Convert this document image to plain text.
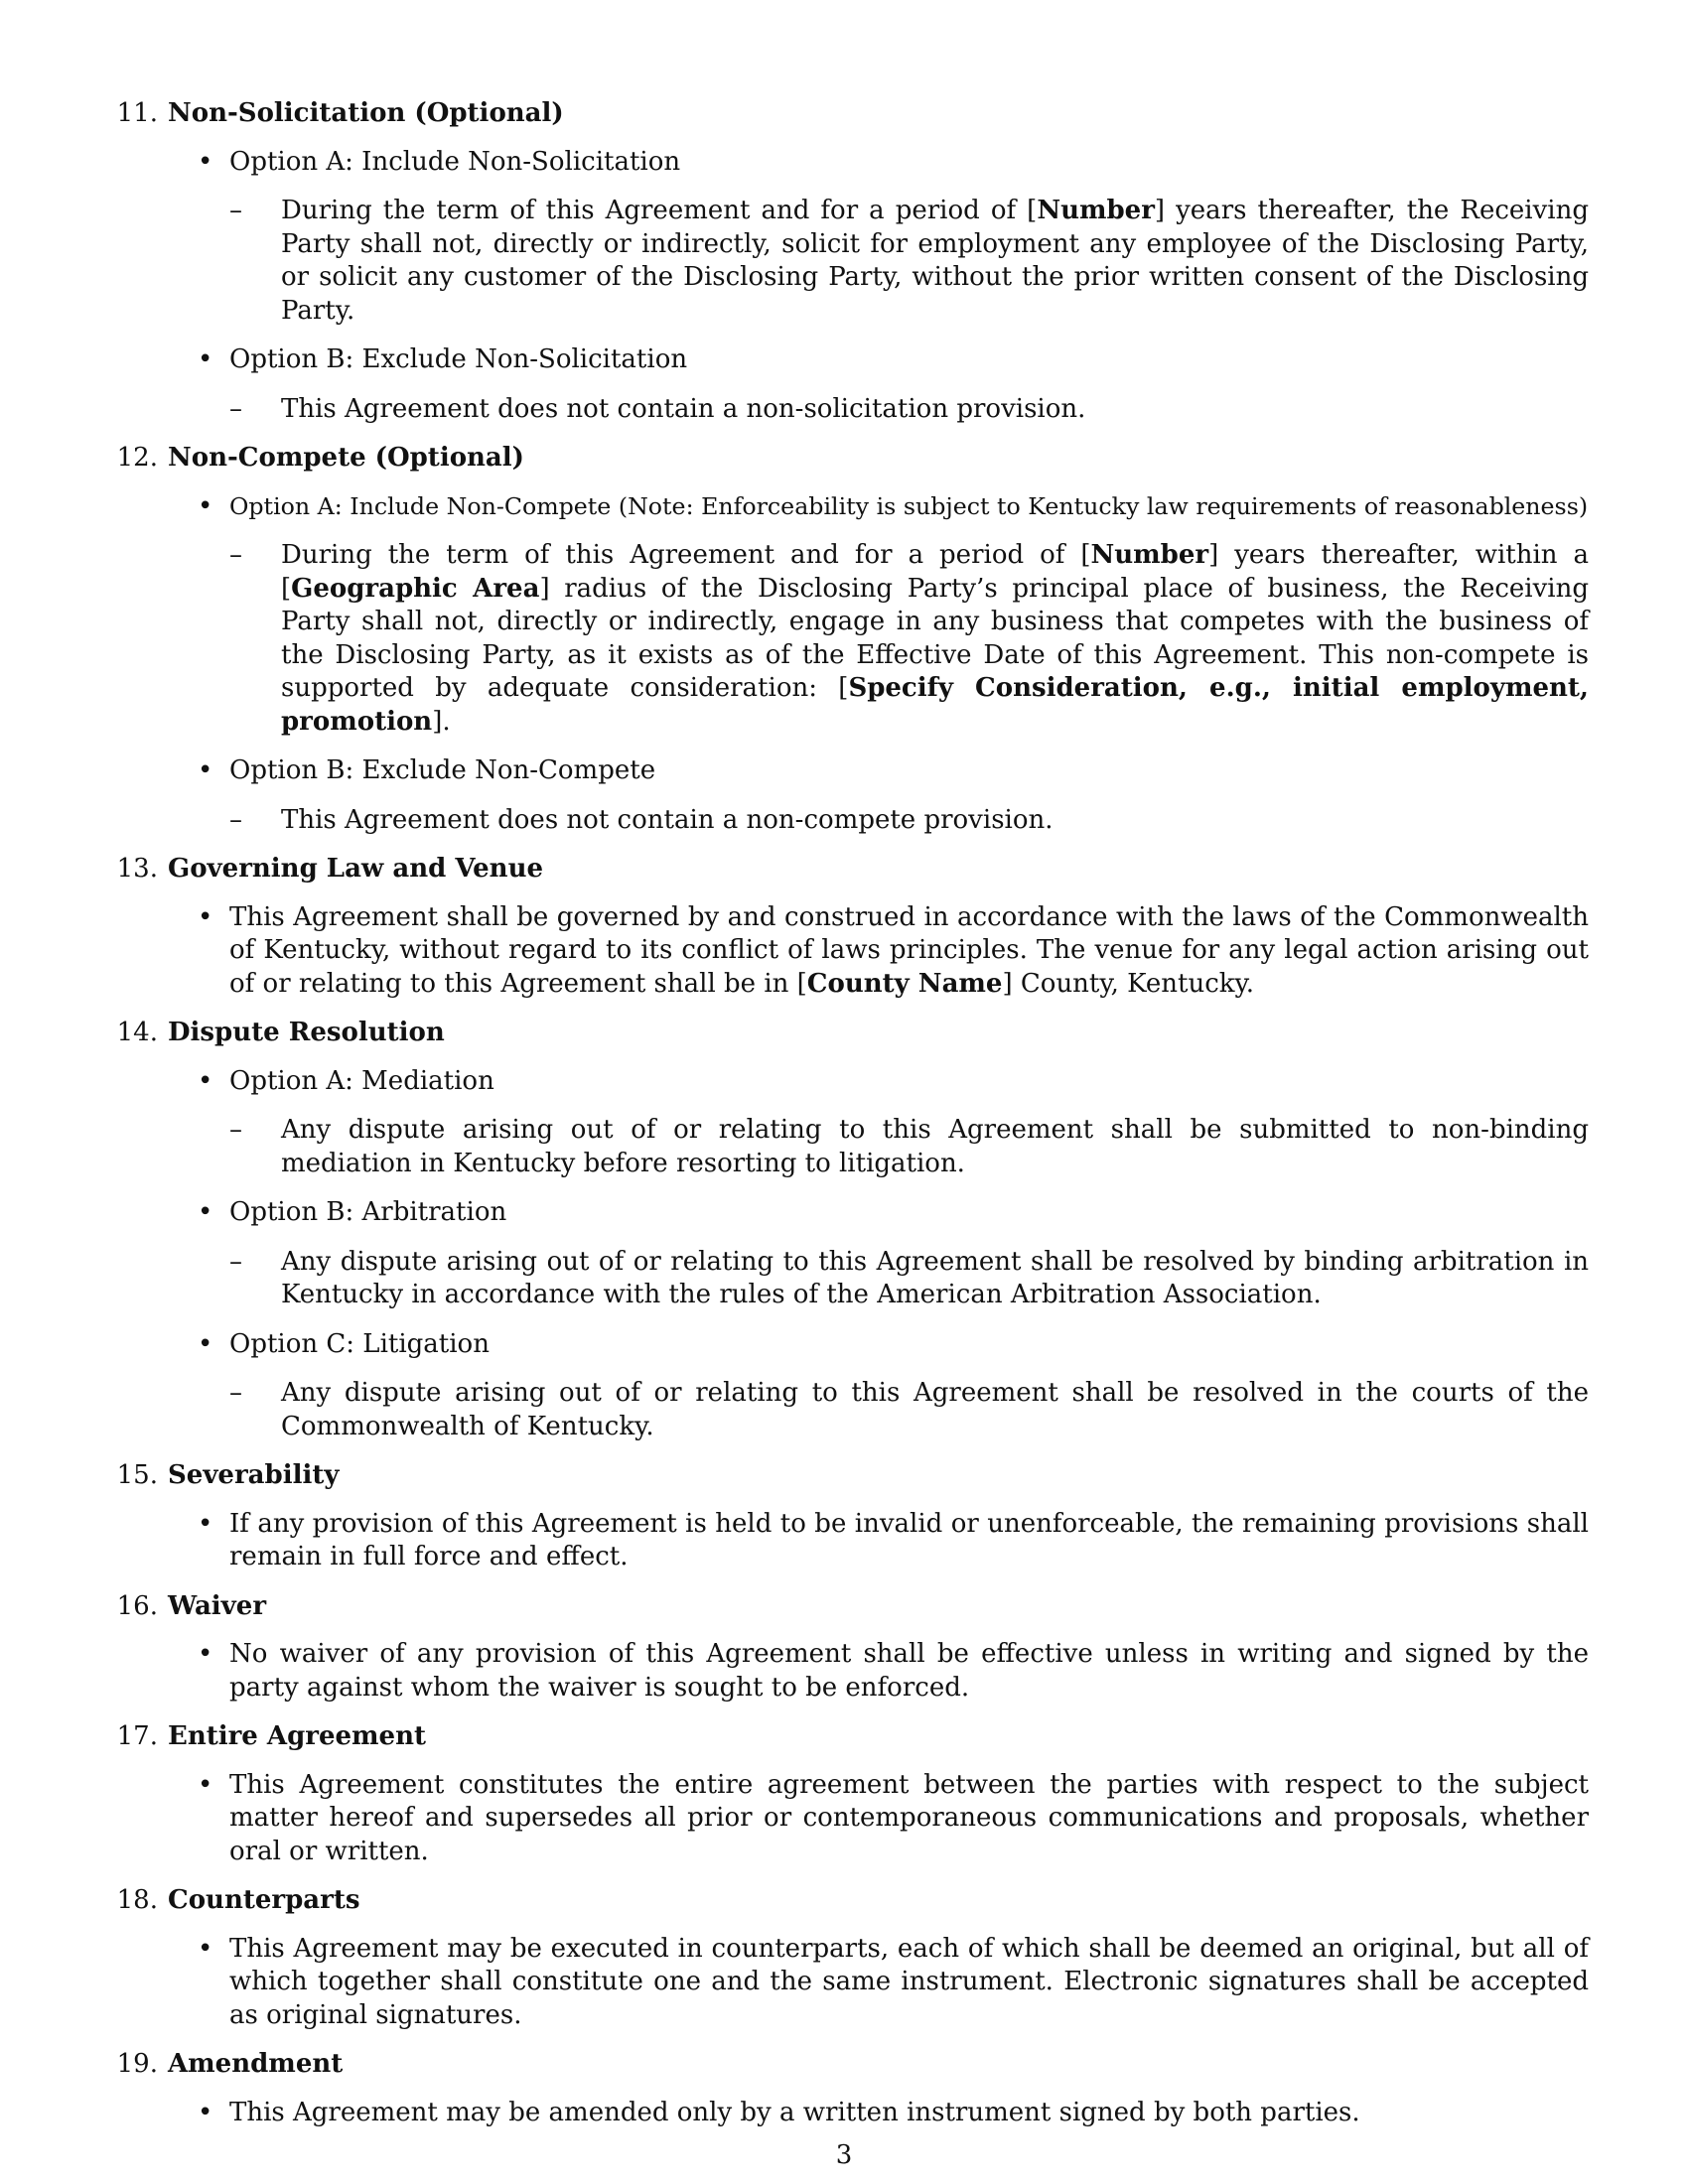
11. Non-Solicitation (Optional)
• Option A: Include Non-Solicitation
– During the term of this Agreement and for a period of [Number] years thereafter, the Receiving Party shall not, directly or indirectly, solicit for employment any employee of the Disclosing Party, or solicit any customer of the Disclosing Party, without the prior written consent of the Disclosing Party.
• Option B: Exclude Non-Solicitation
– This Agreement does not contain a non-solicitation provision.
12. Non-Compete (Optional)
• Option A: Include Non-Compete (Note: Enforceability is subject to Kentucky law requirements of reasonableness)
– During the term of this Agreement and for a period of [Number] years thereafter, within a [Geographic Area] radius of the Disclosing Party’s principal place of business, the Receiving Party shall not, directly or indirectly, engage in any business that competes with the business of the Disclosing Party, as it exists as of the Effective Date of this Agreement. This non-compete is supported by adequate consideration: [Specify Consideration, e.g., initial employment, promotion].
• Option B: Exclude Non-Compete
– This Agreement does not contain a non-compete provision.
13. Governing Law and Venue
• This Agreement shall be governed by and construed in accordance with the laws of the Commonwealth of Kentucky, without regard to its conflict of laws principles. The venue for any legal action arising out of or relating to this Agreement shall be in [County Name] County, Kentucky.
14. Dispute Resolution
• Option A: Mediation
– Any dispute arising out of or relating to this Agreement shall be submitted to non-binding mediation in Kentucky before resorting to litigation.
• Option B: Arbitration
– Any dispute arising out of or relating to this Agreement shall be resolved by binding arbitration in Kentucky in accordance with the rules of the American Arbitration Association.
• Option C: Litigation
– Any dispute arising out of or relating to this Agreement shall be resolved in the courts of the Commonwealth of Kentucky.
15. Severability
• If any provision of this Agreement is held to be invalid or unenforceable, the remaining provisions shall remain in full force and effect.
16. Waiver
• No waiver of any provision of this Agreement shall be effective unless in writing and signed by the party against whom the waiver is sought to be enforced.
17. Entire Agreement
• This Agreement constitutes the entire agreement between the parties with respect to the subject matter hereof and supersedes all prior or contemporaneous communications and proposals, whether oral or written.
18. Counterparts
• This Agreement may be executed in counterparts, each of which shall be deemed an original, but all of which together shall constitute one and the same instrument. Electronic signatures shall be accepted as original signatures.
19. Amendment
• This Agreement may be amended only by a written instrument signed by both parties.
3
